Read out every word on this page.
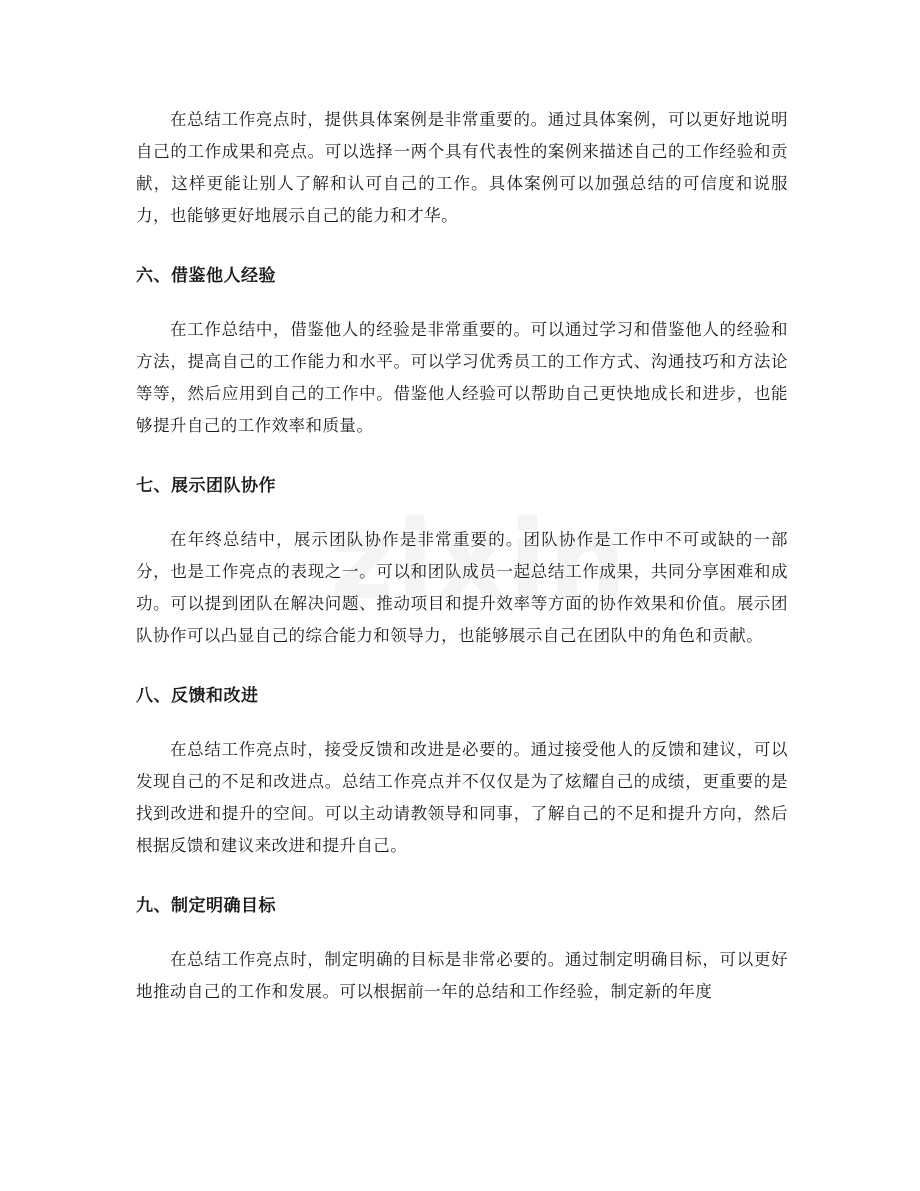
在总结工作亮点时，提供具体案例是非常重要的。通过具体案例，可以更好地说明自己的工作成果和亮点。可以选择一两个具有代表性的案例来描述自己的工作经验和贡献，这样更能让别人了解和认可自己的工作。具体案例可以加强总结的可信度和说服力，也能够更好地展示自己的能力和才华。

六、借鉴他人经验

在工作总结中，借鉴他人的经验是非常重要的。可以通过学习和借鉴他人的经验和方法，提高自己的工作能力和水平。可以学习优秀员工的工作方式、沟通技巧和方法论等等，然后应用到自己的工作中。借鉴他人经验可以帮助自己更快地成长和进步，也能够提升自己的工作效率和质量。

七、展示团队协作

在年终总结中，展示团队协作是非常重要的。团队协作是工作中不可或缺的一部分，也是工作亮点的表现之一。可以和团队成员一起总结工作成果，共同分享困难和成功。可以提到团队在解决问题、推动项目和提升效率等方面的协作效果和价值。展示团队协作可以凸显自己的综合能力和领导力，也能够展示自己在团队中的角色和贡献。

八、反馈和改进

在总结工作亮点时，接受反馈和改进是必要的。通过接受他人的反馈和建议，可以发现自己的不足和改进点。总结工作亮点并不仅仅是为了炫耀自己的成绩，更重要的是找到改进和提升的空间。可以主动请教领导和同事，了解自己的不足和提升方向，然后根据反馈和建议来改进和提升自己。

九、制定明确目标

在总结工作亮点时，制定明确的目标是非常必要的。通过制定明确目标，可以更好地推动自己的工作和发展。可以根据前一年的总结和工作经验，制定新的年度
